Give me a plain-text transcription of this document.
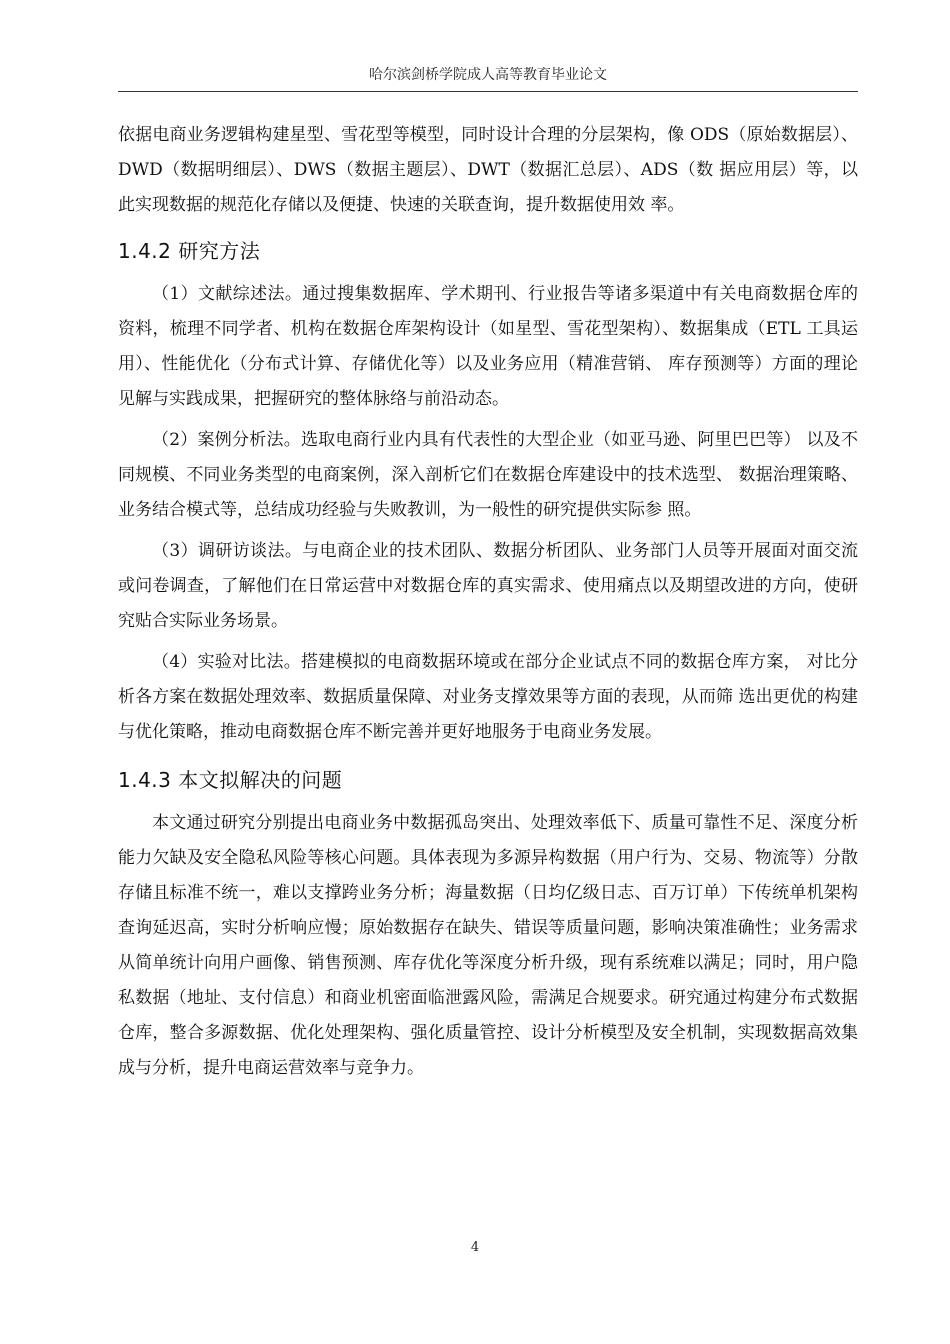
哈尔滨剑桥学院成人高等教育毕业论文

依据电商业务逻辑构建星型、雪花型等模型，同时设计合理的分层架构，像 ODS（原始数据层）、DWD（数据明细层）、DWS（数据主题层）、DWT（数据汇总层）、ADS（数 据应用层）等，以此实现数据的规范化存储以及便捷、快速的关联查询，提升数据使用效 率。

1.4.2 研究方法

（1）文献综述法。通过搜集数据库、学术期刊、行业报告等诸多渠道中有关电商数据仓库的资料，梳理不同学者、机构在数据仓库架构设计（如星型、雪花型架构）、数据集成（ETL 工具运用）、性能优化（分布式计算、存储优化等）以及业务应用（精准营销、 库存预测等）方面的理论见解与实践成果，把握研究的整体脉络与前沿动态。

（2）案例分析法。选取电商行业内具有代表性的大型企业（如亚马逊、阿里巴巴等） 以及不同规模、不同业务类型的电商案例，深入剖析它们在数据仓库建设中的技术选型、 数据治理策略、业务结合模式等，总结成功经验与失败教训，为一般性的研究提供实际参 照。

（3）调研访谈法。与电商企业的技术团队、数据分析团队、业务部门人员等开展面对面交流或问卷调查，了解他们在日常运营中对数据仓库的真实需求、使用痛点以及期望改进的方向，使研究贴合实际业务场景。

（4）实验对比法。搭建模拟的电商数据环境或在部分企业试点不同的数据仓库方案， 对比分析各方案在数据处理效率、数据质量保障、对业务支撑效果等方面的表现，从而筛 选出更优的构建与优化策略，推动电商数据仓库不断完善并更好地服务于电商业务发展。

1.4.3 本文拟解决的问题

本文通过研究分别提出电商业务中数据孤岛突出、处理效率低下、质量可靠性不足、深度分析能力欠缺及安全隐私风险等核心问题。具体表现为多源异构数据（用户行为、交易、物流等）分散存储且标准不统一，难以支撑跨业务分析；海量数据（日均亿级日志、百万订单）下传统单机架构查询延迟高，实时分析响应慢；原始数据存在缺失、错误等质量问题，影响决策准确性；业务需求从简单统计向用户画像、销售预测、库存优化等深度分析升级，现有系统难以满足；同时，用户隐私数据（地址、支付信息）和商业机密面临泄露风险，需满足合规要求。研究通过构建分布式数据仓库，整合多源数据、优化处理架构、强化质量管控、设计分析模型及安全机制，实现数据高效集成与分析，提升电商运营效率与竞争力。

4
